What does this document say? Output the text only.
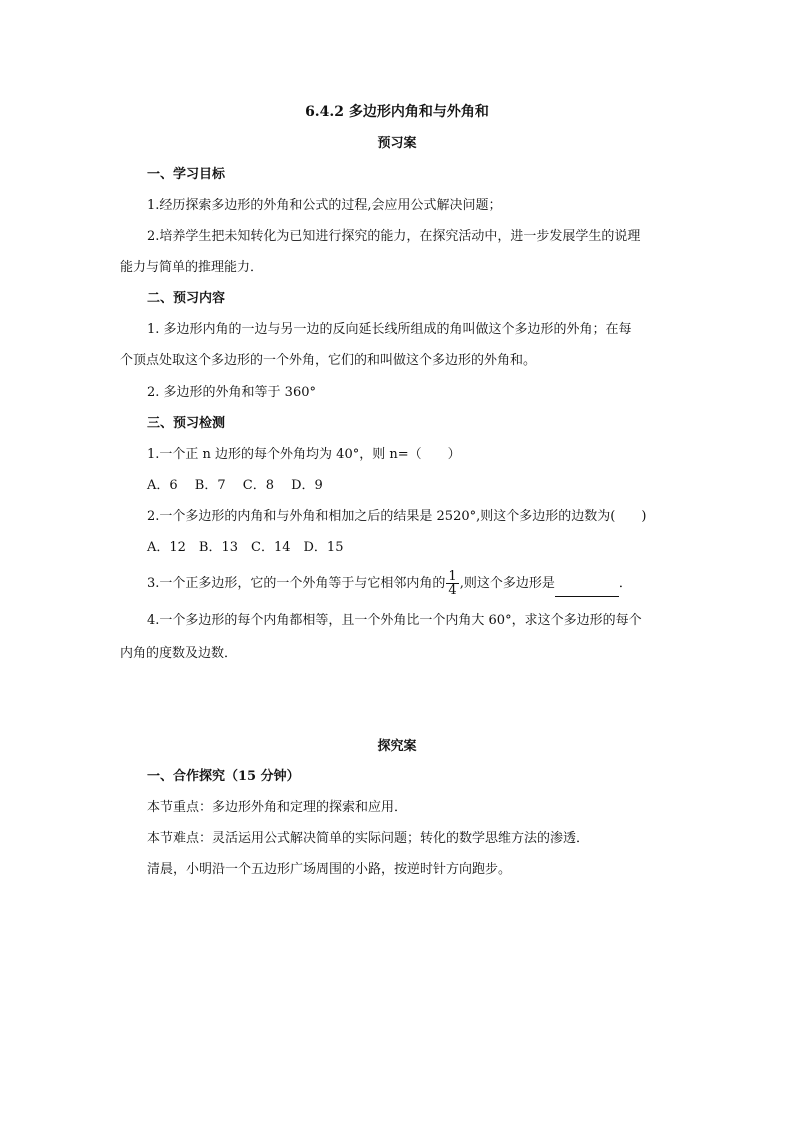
6.4.2 多边形内角和与外角和
预习案
一、学习目标
1.经历探索多边形的外角和公式的过程,会应用公式解决问题；
2.培养学生把未知转化为已知进行探究的能力，在探究活动中，进一步发展学生的说理
能力与简单的推理能力．
二、预习内容
1. 多边形内角的一边与另一边的反向延长线所组成的角叫做这个多边形的外角；在每
个顶点处取这个多边形的一个外角，它们的和叫做这个多边形的外角和。
2. 多边形的外角和等于 360°
三、预习检测
1.一个正 n 边形的每个外角均为 40°，则 n=（　　）
A．6　 B．7　 C．8　 D．9
2.一个多边形的内角和与外角和相加之后的结果是 2520°,则这个多边形的边数为(　　)
A．12　B．13　C．14　D．15
3.一个正多边形，它的一个外角等于与它相邻内角的 $\frac{1}{4}$ ,则这个多边形是	．
4.一个多边形的每个内角都相等，且一个外角比一个内角大 60°，求这个多边形的每个
内角的度数及边数．
探究案
一、合作探究（15 分钟）
本节重点：多边形外角和定理的探索和应用．
本节难点：灵活运用公式解决简单的实际问题；转化的数学思维方法的渗透．
清晨，小明沿一个五边形广场周围的小路，按逆时针方向跑步。
